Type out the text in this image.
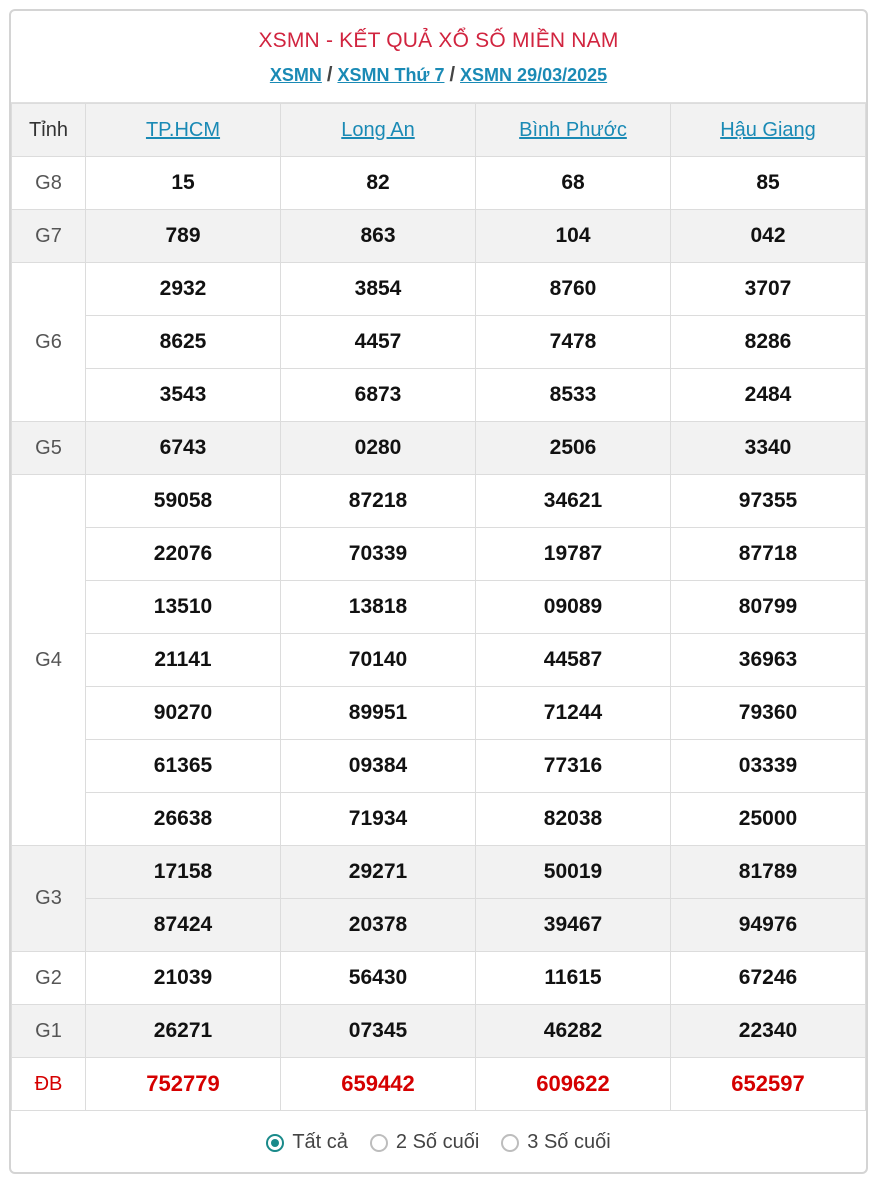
XSMN - KẾT QUẢ XỔ SỐ MIỀN NAM
XSMN / XSMN Thứ 7 / XSMN 29/03/2025
Tỉnh	TP.HCM	Long An	Bình Phước	Hậu Giang
G8	15	82	68	85
G7	789	863	104	042
G6	2932	3854	8760	3707
	8625	4457	7478	8286
	3543	6873	8533	2484
G5	6743	0280	2506	3340
G4	59058	87218	34621	97355
	22076	70339	19787	87718
	13510	13818	09089	80799
	21141	70140	44587	36963
	90270	89951	71244	79360
	61365	09384	77316	03339
	26638	71934	82038	25000
G3	17158	29271	50019	81789
	87424	20378	39467	94976
G2	21039	56430	11615	67246
G1	26271	07345	46282	22340
ĐB	752779	659442	609622	652597
Tất cả 2 Số cuối 3 Số cuối
